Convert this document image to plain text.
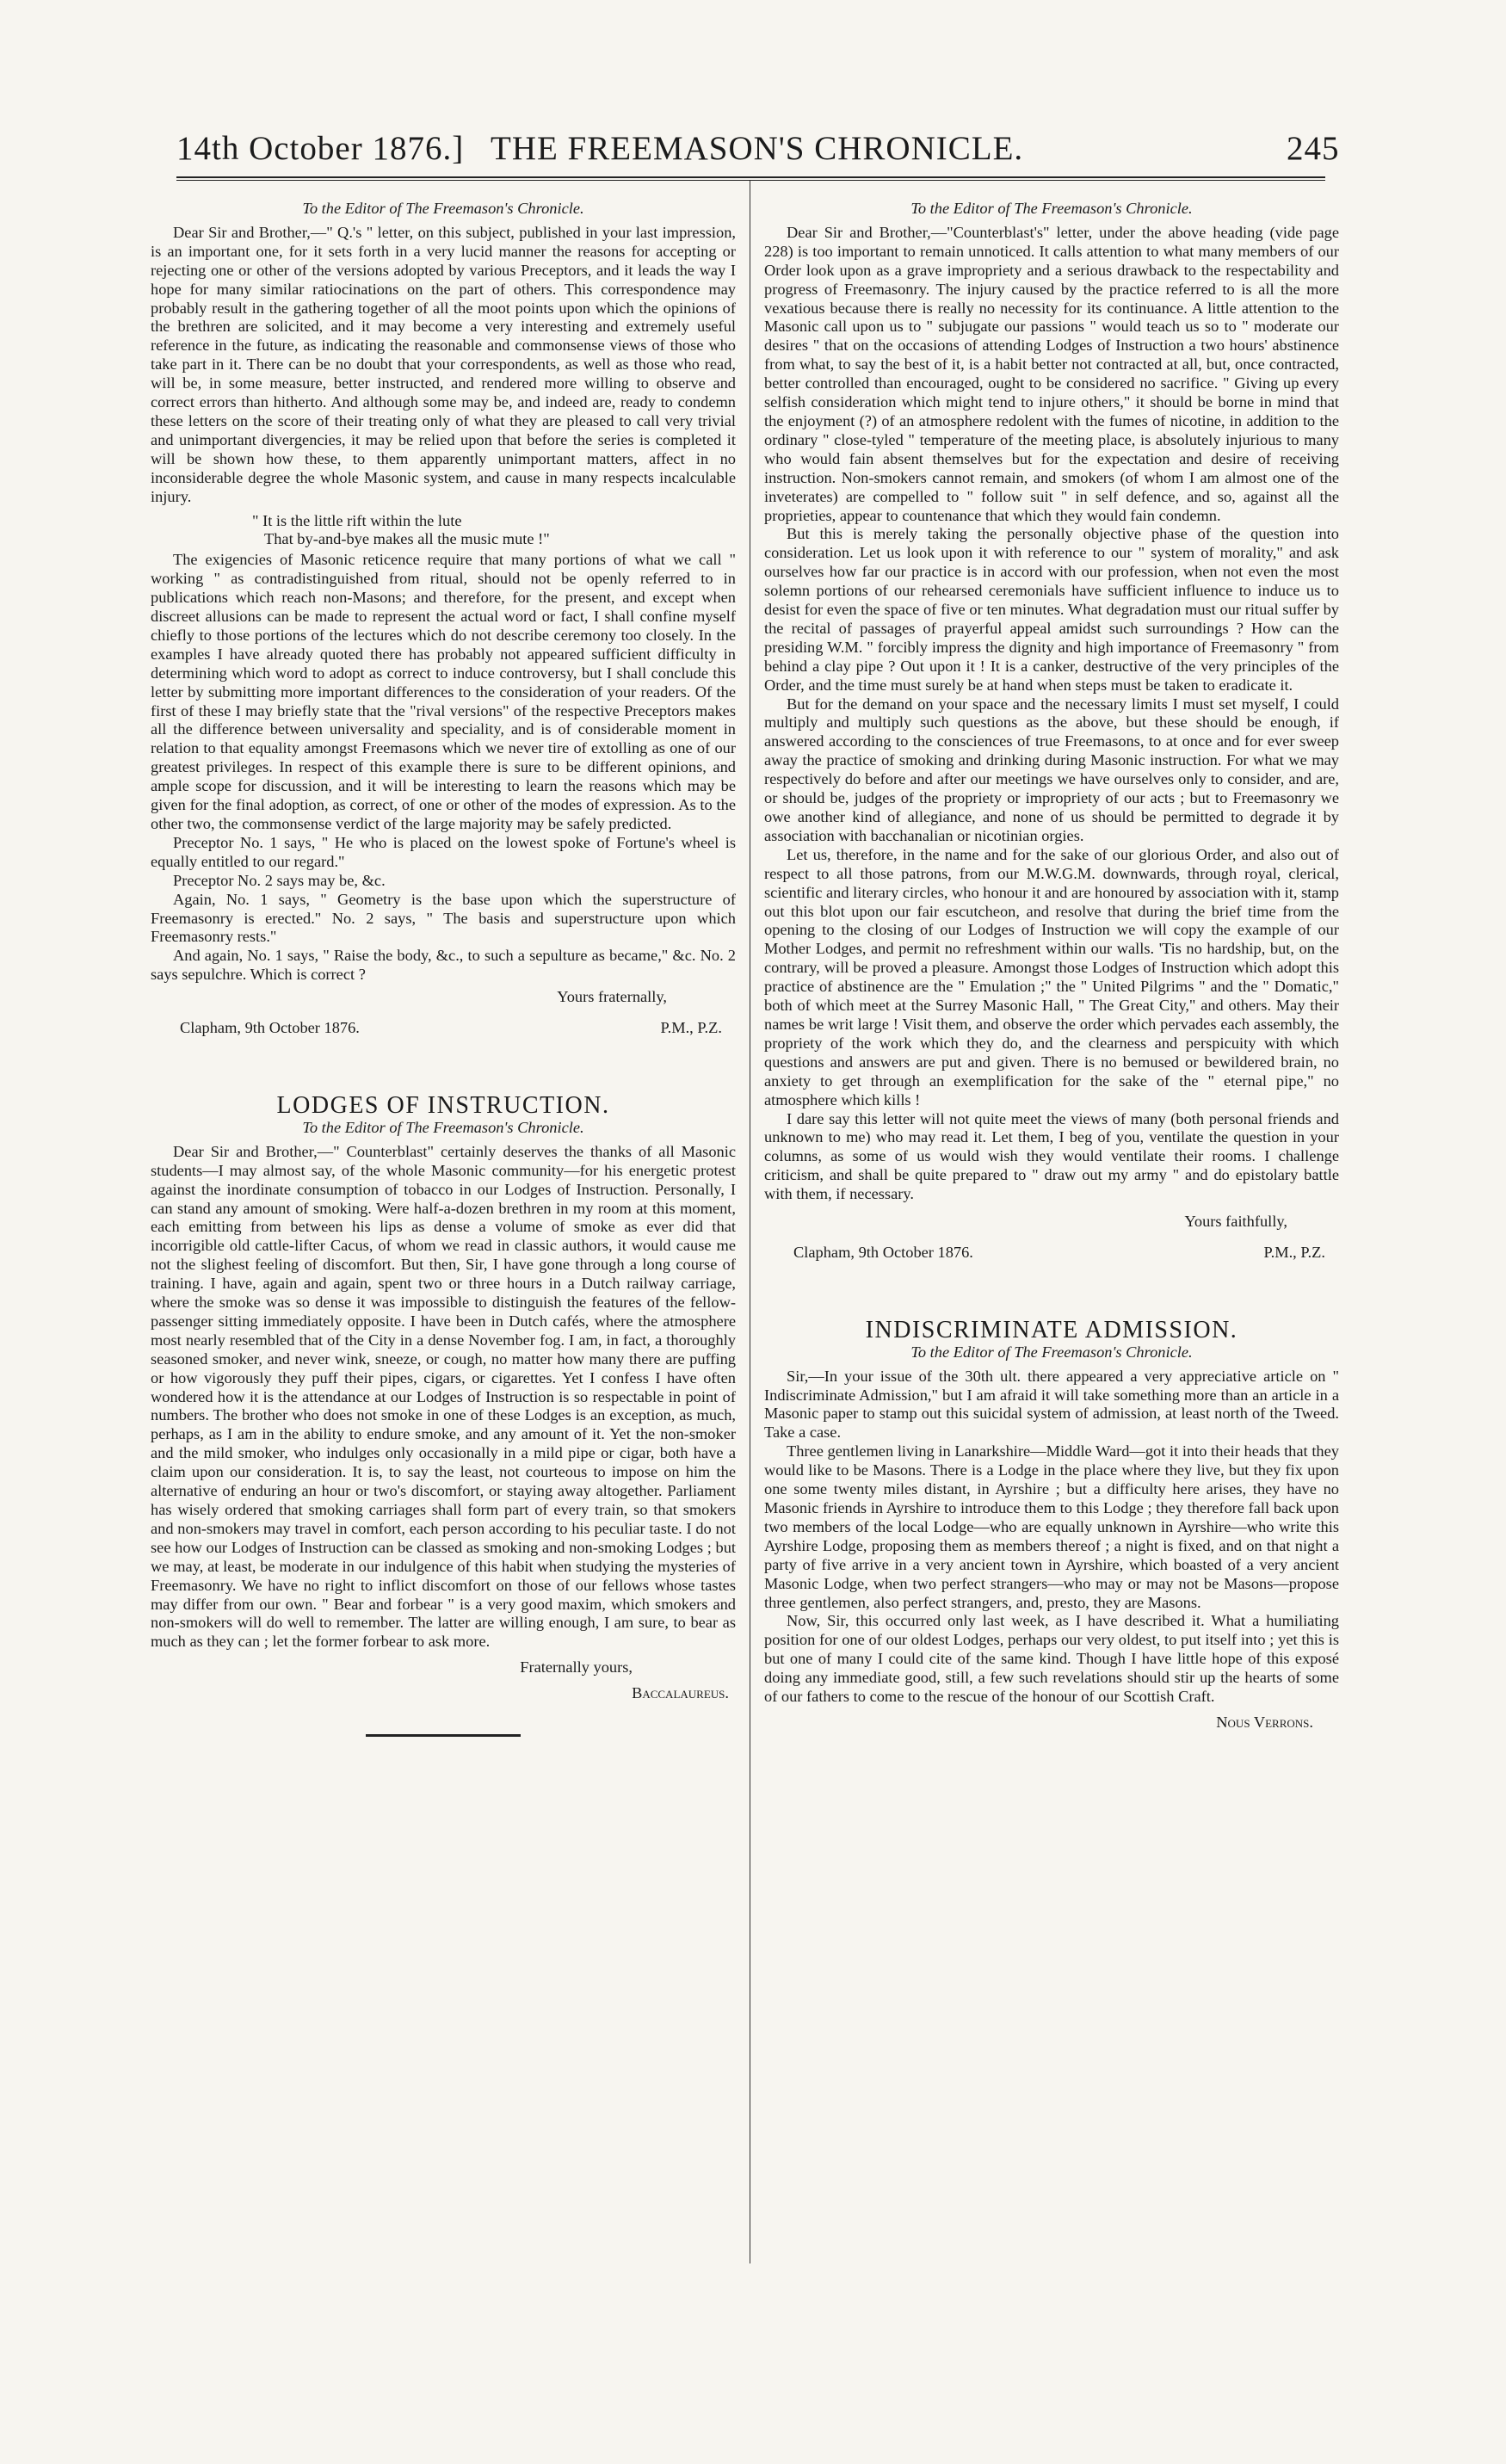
14th October 1876.] THE FREEMASON'S CHRONICLE.	245
To the Editor of The Freemason's Chronicle.

Dear Sir and Brother,—" Q.'s " letter, on this subject, published in your last impression, is an important one, for it sets forth in a very lucid manner the reasons for accepting or rejecting one or other of the versions adopted by various Preceptors, and it leads the way I hope for many similar ratiocinations on the part of others. This correspondence may probably result in the gathering together of all the moot points upon which the opinions of the brethren are solicited, and it may become a very interesting and extremely useful reference in the future, as indicating the reasonable and commonsense views of those who take part in it. There can be no doubt that your correspondents, as well as those who read, will be, in some measure, better instructed, and rendered more willing to observe and correct errors than hitherto. And although some may be, and indeed are, ready to condemn these letters on the score of their treating only of what they are pleased to call very trivial and unimportant divergencies, it may be relied upon that before the series is completed it will be shown how these, to them apparently unimportant matters, affect in no inconsiderable degree the whole Masonic system, and cause in many respects incalculable injury.

" It is the little rift within the lute
That by-and-bye makes all the music mute !"

The exigencies of Masonic reticence require that many portions of what we call " working " as contradistinguished from ritual, should not be openly referred to in publications which reach non-Masons; and therefore, for the present, and except when discreet allusions can be made to represent the actual word or fact, I shall confine myself chiefly to those portions of the lectures which do not describe ceremony too closely. In the examples I have already quoted there has probably not appeared sufficient difficulty in determining which word to adopt as correct to induce controversy, but I shall conclude this letter by submitting more important differences to the consideration of your readers. Of the first of these I may briefly state that the "rival versions" of the respective Preceptors makes all the difference between universality and speciality, and is of considerable moment in relation to that equality amongst Freemasons which we never tire of extolling as one of our greatest privileges. In respect of this example there is sure to be different opinions, and ample scope for discussion, and it will be interesting to learn the reasons which may be given for the final adoption, as correct, of one or other of the modes of expression. As to the other two, the commonsense verdict of the large majority may be safely predicted.

Preceptor No. 1 says, " He who is placed on the lowest spoke of Fortune's wheel is equally entitled to our regard."

Preceptor No. 2 says may be, &c.

Again, No. 1 says, " Geometry is the base upon which the superstructure of Freemasonry is erected." No. 2 says, " The basis and superstructure upon which Freemasonry rests."

And again, No. 1 says, " Raise the body, &c., to such a sepulture as became," &c. No. 2 says sepulchre. Which is correct ?

Yours fraternally,
Clapham, 9th October 1876.	P.M., P.Z.
LODGES OF INSTRUCTION.
To the Editor of The Freemason's Chronicle.

Dear Sir and Brother,—" Counterblast" certainly deserves the thanks of all Masonic students—I may almost say, of the whole Masonic community—for his energetic protest against the inordinate consumption of tobacco in our Lodges of Instruction. Personally, I can stand any amount of smoking. Were half-a-dozen brethren in my room at this moment, each emitting from between his lips as dense a volume of smoke as ever did that incorrigible old cattle-lifter Cacus, of whom we read in classic authors, it would cause me not the slighest feeling of discomfort. But then, Sir, I have gone through a long course of training. I have, again and again, spent two or three hours in a Dutch railway carriage, where the smoke was so dense it was impossible to distinguish the features of the fellow-passenger sitting immediately opposite. I have been in Dutch cafés, where the atmosphere most nearly resembled that of the City in a dense November fog. I am, in fact, a thoroughly seasoned smoker, and never wink, sneeze, or cough, no matter how many there are puffing or how vigorously they puff their pipes, cigars, or cigarettes. Yet I confess I have often wondered how it is the attendance at our Lodges of Instruction is so respectable in point of numbers. The brother who does not smoke in one of these Lodges is an exception, as much, perhaps, as I am in the ability to endure smoke, and any amount of it. Yet the non-smoker and the mild smoker, who indulges only occasionally in a mild pipe or cigar, both have a claim upon our consideration. It is, to say the least, not courteous to impose on him the alternative of enduring an hour or two's discomfort, or staying away altogether. Parliament has wisely ordered that smoking carriages shall form part of every train, so that smokers and non-smokers may travel in comfort, each person according to his peculiar taste. I do not see how our Lodges of Instruction can be classed as smoking and non-smoking Lodges ; but we may, at least, be moderate in our indulgence of this habit when studying the mysteries of Freemasonry. We have no right to inflict discomfort on those of our fellows whose tastes may differ from our own. " Bear and forbear " is a very good maxim, which smokers and non-smokers will do well to remember. The latter are willing enough, I am sure, to bear as much as they can ; let the former forbear to ask more.

Fraternally yours,
Baccalaureus.
To the Editor of The Freemason's Chronicle.

Dear Sir and Brother,—"Counterblast's" letter, under the above heading (vide page 228) is too important to remain unnoticed. It calls attention to what many members of our Order look upon as a grave impropriety and a serious drawback to the respectability and progress of Freemasonry. The injury caused by the practice referred to is all the more vexatious because there is really no necessity for its continuance. A little attention to the Masonic call upon us to " subjugate our passions " would teach us so to " moderate our desires " that on the occasions of attending Lodges of Instruction a two hours' abstinence from what, to say the best of it, is a habit better not contracted at all, but, once contracted, better controlled than encouraged, ought to be considered no sacrifice. " Giving up every selfish consideration which might tend to injure others," it should be borne in mind that the enjoyment (?) of an atmosphere redolent with the fumes of nicotine, in addition to the ordinary " close-tyled " temperature of the meeting place, is absolutely injurious to many who would fain absent themselves but for the expectation and desire of receiving instruction. Non-smokers cannot remain, and smokers (of whom I am almost one of the inveterates) are compelled to " follow suit " in self defence, and so, against all the proprieties, appear to countenance that which they would fain condemn.

But this is merely taking the personally objective phase of the question into consideration. Let us look upon it with reference to our " system of morality," and ask ourselves how far our practice is in accord with our profession, when not even the most solemn portions of our rehearsed ceremonials have sufficient influence to induce us to desist for even the space of five or ten minutes. What degradation must our ritual suffer by the recital of passages of prayerful appeal amidst such surroundings ? How can the presiding W.M. " forcibly impress the dignity and high importance of Freemasonry " from behind a clay pipe ? Out upon it ! It is a canker, destructive of the very principles of the Order, and the time must surely be at hand when steps must be taken to eradicate it.

But for the demand on your space and the necessary limits I must set myself, I could multiply and multiply such questions as the above, but these should be enough, if answered according to the consciences of true Freemasons, to at once and for ever sweep away the practice of smoking and drinking during Masonic instruction. For what we may respectively do before and after our meetings we have ourselves only to consider, and are, or should be, judges of the propriety or impropriety of our acts ; but to Freemasonry we owe another kind of allegiance, and none of us should be permitted to degrade it by association with bacchanalian or nicotinian orgies.

Let us, therefore, in the name and for the sake of our glorious Order, and also out of respect to all those patrons, from our M.W.G.M. downwards, through royal, clerical, scientific and literary circles, who honour it and are honoured by association with it, stamp out this blot upon our fair escutcheon, and resolve that during the brief time from the opening to the closing of our Lodges of Instruction we will copy the example of our Mother Lodges, and permit no refreshment within our walls. 'Tis no hardship, but, on the contrary, will be proved a pleasure. Amongst those Lodges of Instruction which adopt this practice of abstinence are the " Emulation ;" the " United Pilgrims " and the " Domatic," both of which meet at the Surrey Masonic Hall, " The Great City," and others. May their names be writ large ! Visit them, and observe the order which pervades each assembly, the propriety of the work which they do, and the clearness and perspicuity with which questions and answers are put and given. There is no bemused or bewildered brain, no anxiety to get through an exemplification for the sake of the " eternal pipe," no atmosphere which kills !

I dare say this letter will not quite meet the views of many (both personal friends and unknown to me) who may read it. Let them, I beg of you, ventilate the question in your columns, as some of us would wish they would ventilate their rooms. I challenge criticism, and shall be quite prepared to " draw out my army " and do epistolary battle with them, if necessary.

Yours faithfully,
Clapham, 9th October 1876.	P.M., P.Z.
INDISCRIMINATE ADMISSION.
To the Editor of The Freemason's Chronicle.

Sir,—In your issue of the 30th ult. there appeared a very appreciative article on " Indiscriminate Admission," but I am afraid it will take something more than an article in a Masonic paper to stamp out this suicidal system of admission, at least north of the Tweed. Take a case.

Three gentlemen living in Lanarkshire—Middle Ward—got it into their heads that they would like to be Masons. There is a Lodge in the place where they live, but they fix upon one some twenty miles distant, in Ayrshire ; but a difficulty here arises, they have no Masonic friends in Ayrshire to introduce them to this Lodge ; they therefore fall back upon two members of the local Lodge—who are equally unknown in Ayrshire—who write this Ayrshire Lodge, proposing them as members thereof ; a night is fixed, and on that night a party of five arrive in a very ancient town in Ayrshire, which boasted of a very ancient Masonic Lodge, when two perfect strangers—who may or may not be Masons—propose three gentlemen, also perfect strangers, and, presto, they are Masons.

Now, Sir, this occurred only last week, as I have described it. What a humiliating position for one of our oldest Lodges, perhaps our very oldest, to put itself into ; yet this is but one of many I could cite of the same kind. Though I have little hope of this exposé doing any immediate good, still, a few such revelations should stir up the hearts of some of our fathers to come to the rescue of the honour of our Scottish Craft.

Nous Verrons.
